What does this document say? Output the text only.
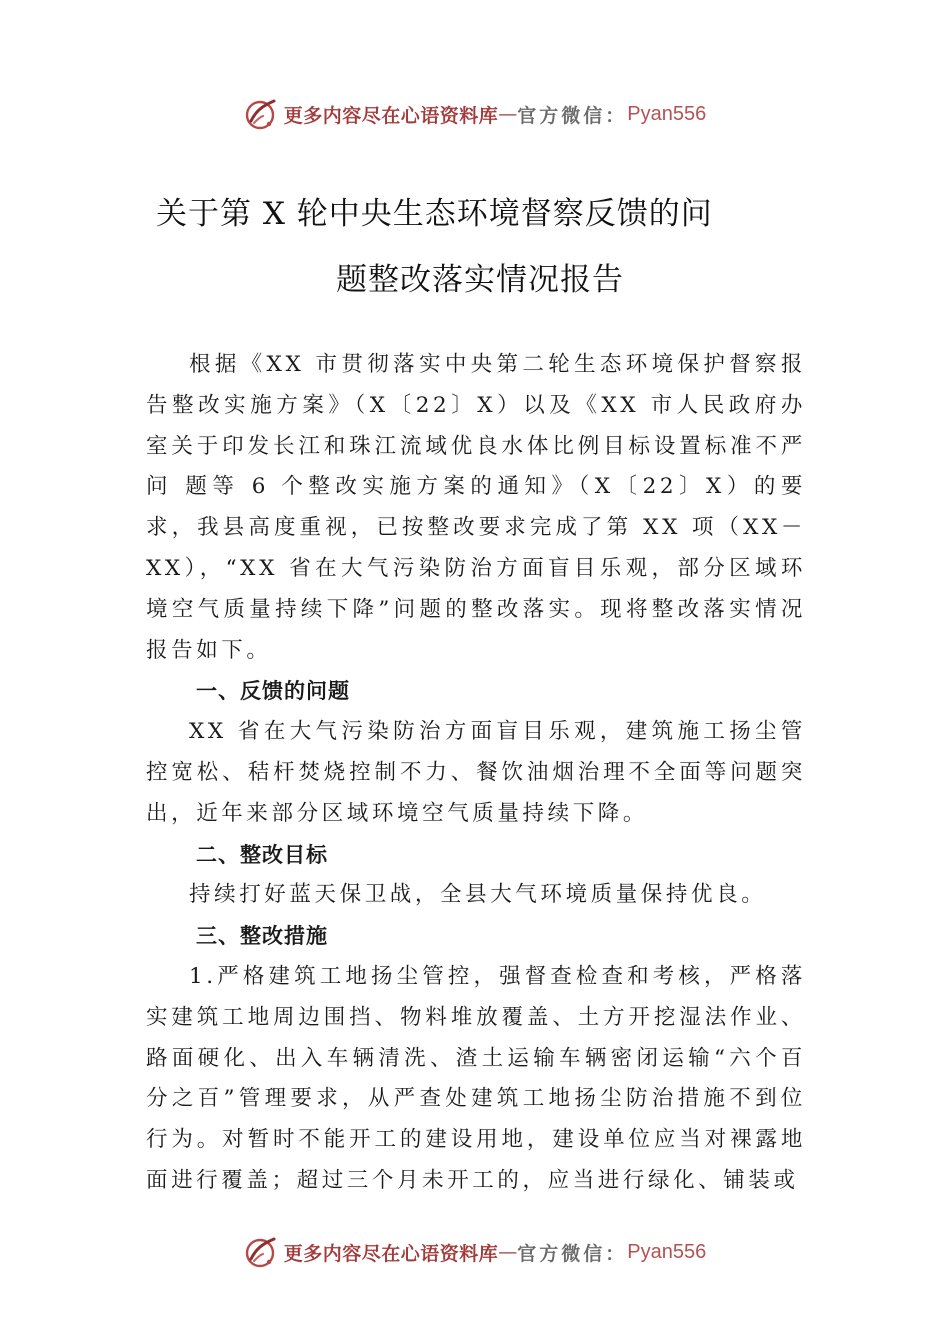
更多内容尽在心语资料库 — 官方微信： Pyan556
关于第 X 轮中央生态环境督察反馈的问
题整改落实情况报告

根据《XX 市贯彻落实中央第二轮生态环境保护督察报告整改实施方案》（X〔22〕X）以及《XX 市人民政府办室关于印发长江和珠江流域优良水体比例目标设置标准不严问 题等 6 个整改实施方案的通知》（X〔22〕X）的要求，我县高度重视，已按整改要求完成了第 XX 项（XX－XX），“XX 省在大气污染防治方面盲目乐观，部分区域环境空气质量持续下降”问题的整改落实。现将整改落实情况报告如下。

一、反馈的问题

XX 省在大气污染防治方面盲目乐观，建筑施工扬尘管控宽松、秸杆焚烧控制不力、餐饮油烟治理不全面等问题突出，近年来部分区域环境空气质量持续下降。

二、整改目标

持续打好蓝天保卫战，全县大气环境质量保持优良。

三、整改措施

1.严格建筑工地扬尘管控，强督查检查和考核，严格落实建筑工地周边围挡、物料堆放覆盖、土方开挖湿法作业、 路面硬化、出入车辆清洗、渣土运输车辆密闭运输“六个百分之百”管理要求，从严查处建筑工地扬尘防治措施不到位行为。对暂时不能开工的建设用地，建设单位应当对裸露地面进行覆盖；超过三个月未开工的，应当进行绿化、铺装或

更多内容尽在心语资料库 — 官方微信： Pyan556
